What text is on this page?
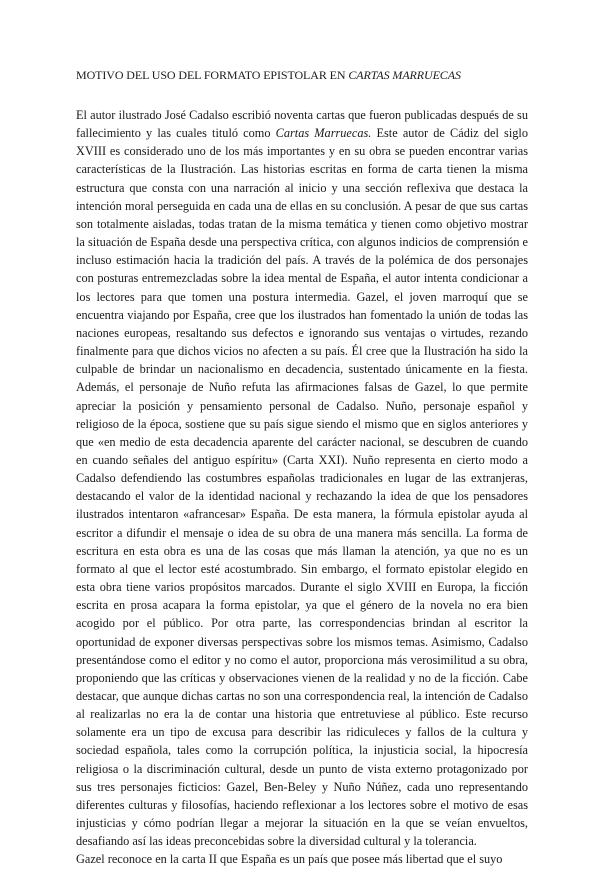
MOTIVO DEL USO DEL FORMATO EPISTOLAR EN CARTAS MARRUECAS

El autor ilustrado José Cadalso escribió noventa cartas que fueron publicadas después de su fallecimiento y las cuales tituló como Cartas Marruecas. Este autor de Cádiz del siglo XVIII es considerado uno de los más importantes y en su obra se pueden encontrar varias características de la Ilustración. Las historias escritas en forma de carta tienen la misma estructura que consta con una narración al inicio y una sección reflexiva que destaca la intención moral perseguida en cada una de ellas en su conclusión. A pesar de que sus cartas son totalmente aisladas, todas tratan de la misma temática y tienen como objetivo mostrar la situación de España desde una perspectiva crítica, con algunos indicios de comprensión e incluso estimación hacia la tradición del país. A través de la polémica de dos personajes con posturas entremezcladas sobre la idea mental de España, el autor intenta condicionar a los lectores para que tomen una postura intermedia. Gazel, el joven marroquí que se encuentra viajando por España, cree que los ilustrados han fomentado la unión de todas las naciones europeas, resaltando sus defectos e ignorando sus ventajas o virtudes, rezando finalmente para que dichos vicios no afecten a su país. Él cree que la Ilustración ha sido la culpable de brindar un nacionalismo en decadencia, sustentado únicamente en la fiesta. Además, el personaje de Nuño refuta las afirmaciones falsas de Gazel, lo que permite apreciar la posición y pensamiento personal de Cadalso. Nuño, personaje español y religioso de la época, sostiene que su país sigue siendo el mismo que en siglos anteriores y que «en medio de esta decadencia aparente del carácter nacional, se descubren de cuando en cuando señales del antiguo espíritu» (Carta XXI). Nuño representa en cierto modo a Cadalso defendiendo las costumbres españolas tradicionales en lugar de las extranjeras, destacando el valor de la identidad nacional y rechazando la idea de que los pensadores ilustrados intentaron «afrancesar» España. De esta manera, la fórmula epistolar ayuda al escritor a difundir el mensaje o idea de su obra de una manera más sencilla. La forma de escritura en esta obra es una de las cosas que más llaman la atención, ya que no es un formato al que el lector esté acostumbrado. Sin embargo, el formato epistolar elegido en esta obra tiene varios propósitos marcados. Durante el siglo XVIII en Europa, la ficción escrita en prosa acapara la forma epistolar, ya que el género de la novela no era bien acogido por el público. Por otra parte, las correspondencias brindan al escritor la oportunidad de exponer diversas perspectivas sobre los mismos temas. Asimismo, Cadalso presentándose como el editor y no como el autor, proporciona más verosimilitud a su obra, proponiendo que las críticas y observaciones vienen de la realidad y no de la ficción. Cabe destacar, que aunque dichas cartas no son una correspondencia real, la intención de Cadalso al realizarlas no era la de contar una historia que entretuviese al público. Este recurso solamente era un tipo de excusa para describir las ridiculeces y fallos de la cultura y sociedad española, tales como la corrupción política, la injusticia social, la hipocresía religiosa o la discriminación cultural, desde un punto de vista externo protagonizado por sus tres personajes ficticios: Gazel, Ben-Beley y Nuño Núñez, cada uno representando diferentes culturas y filosofías, haciendo reflexionar a los lectores sobre el motivo de esas injusticias y cómo podrían llegar a mejorar la situación en la que se veían envueltos, desafiando así las ideas preconcebidas sobre la diversidad cultural y la tolerancia.

Gazel reconoce en la carta II que España es un país que posee más libertad que el suyo
